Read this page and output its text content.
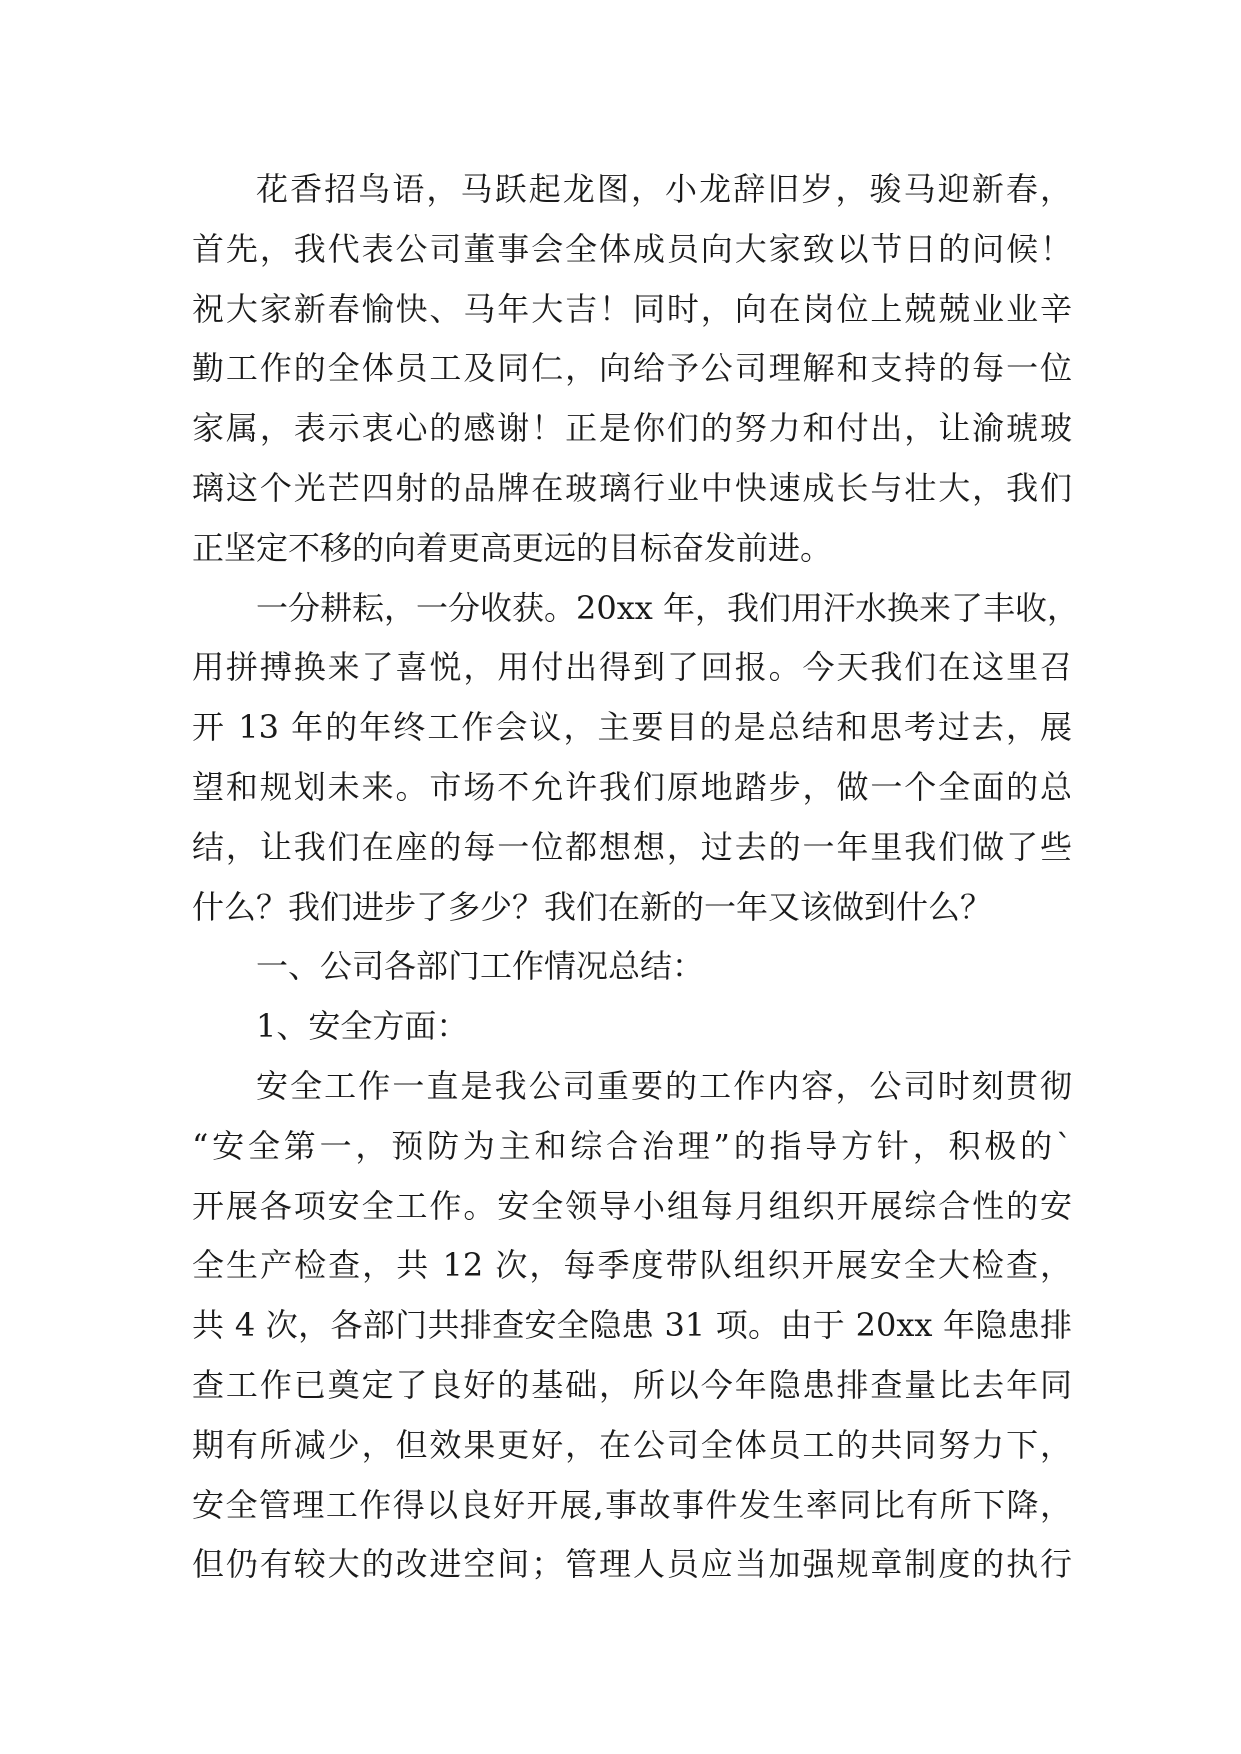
花香招鸟语，马跃起龙图，小龙辞旧岁，骏马迎新春，
首先，我代表公司董事会全体成员向大家致以节日的问候！
祝大家新春愉快、马年大吉！同时，向在岗位上兢兢业业辛
勤工作的全体员工及同仁，向给予公司理解和支持的每一位
家属，表示衷心的感谢！正是你们的努力和付出，让渝琥玻
璃这个光芒四射的品牌在玻璃行业中快速成长与壮大，我们
正坚定不移的向着更高更远的目标奋发前进。
一分耕耘，一分收获。20xx 年，我们用汗水换来了丰收，
用拼搏换来了喜悦，用付出得到了回报。今天我们在这里召
开 13 年的年终工作会议，主要目的是总结和思考过去，展
望和规划未来。市场不允许我们原地踏步，做一个全面的总
结，让我们在座的每一位都想想，过去的一年里我们做了些
什么？我们进步了多少？我们在新的一年又该做到什么？
一、公司各部门工作情况总结：
1、安全方面：
安全工作一直是我公司重要的工作内容，公司时刻贯彻
“安全第一，预防为主和综合治理”的指导方针，积极的`
开展各项安全工作。安全领导小组每月组织开展综合性的安
全生产检查，共 12 次，每季度带队组织开展安全大检查，
共 4 次，各部门共排查安全隐患 31 项。由于 20xx 年隐患排
查工作已奠定了良好的基础，所以今年隐患排查量比去年同
期有所减少，但效果更好，在公司全体员工的共同努力下，
安全管理工作得以良好开展,事故事件发生率同比有所下降，
但仍有较大的改进空间；管理人员应当加强规章制度的执行
